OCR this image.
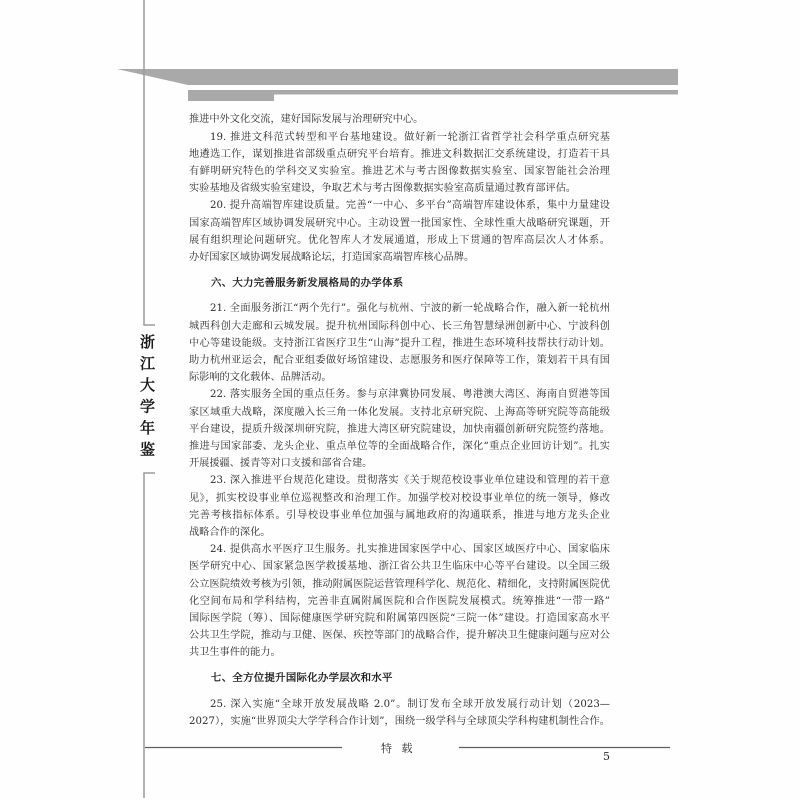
浙江大学年鉴
推进中外文化交流，建好国际发展与治理研究中心。
19. 推进文科范式转型和平台基地建设。做好新一轮浙江省哲学社会科学重点研究基
地遴选工作，谋划推进省部级重点研究平台培育。推进文科数据汇交系统建设，打造若干具
有鲜明研究特色的学科交叉实验室。推进艺术与考古图像数据实验室、国家智能社会治理
实验基地及省级实验室建设，争取艺术与考古图像数据实验室高质量通过教育部评估。
20. 提升高端智库建设质量。完善“一中心、多平台”高端智库建设体系，集中力量建设
国家高端智库区域协调发展研究中心。主动设置一批国家性、全球性重大战略研究课题，开
展有组织理论问题研究。优化智库人才发展通道，形成上下贯通的智库高层次人才体系。
办好国家区域协调发展战略论坛，打造国家高端智库核心品牌。
六、大力完善服务新发展格局的办学体系
21. 全面服务浙江“两个先行”。强化与杭州、宁波的新一轮战略合作，融入新一轮杭州
城西科创大走廊和云城发展。提升杭州国际科创中心、长三角智慧绿洲创新中心、宁波科创
中心等建设能级。支持浙江省医疗卫生“山海”提升工程，推进生态环境科技帮扶行动计划。
助力杭州亚运会，配合亚组委做好场馆建设、志愿服务和医疗保障等工作，策划若干具有国
际影响的文化载体、品牌活动。
22. 落实服务全国的重点任务。参与京津冀协同发展、粤港澳大湾区、海南自贸港等国
家区域重大战略，深度融入长三角一体化发展。支持北京研究院、上海高等研究院等高能级
平台建设，提质升级深圳研究院，推进大湾区研究院建设，加快南疆创新研究院签约落地。
推进与国家部委、龙头企业、重点单位等的全面战略合作，深化“重点企业回访计划”。扎实
开展援疆、援青等对口支援和部省合建。
23. 深入推进平台规范化建设。贯彻落实《关于规范校设事业单位建设和管理的若干意
见》，抓实校设事业单位巡视整改和治理工作。加强学校对校设事业单位的统一领导，修改
完善考核指标体系。引导校设事业单位加强与属地政府的沟通联系，推进与地方龙头企业
战略合作的深化。
24. 提供高水平医疗卫生服务。扎实推进国家医学中心、国家区域医疗中心、国家临床
医学研究中心、国家紧急医学救援基地、浙江省公共卫生临床中心等平台建设。以全国三级
公立医院绩效考核为引领，推动附属医院运营管理科学化、规范化、精细化，支持附属医院优
化空间布局和学科结构，完善非直属附属医院和合作医院发展模式。统筹推进“一带一路”
国际医学院（筹）、国际健康医学研究院和附属第四医院“三院一体”建设。打造国家高水平
公共卫生学院，推动与卫健、医保、疾控等部门的战略合作，提升解决卫生健康问题与应对公
共卫生事件的能力。
七、全方位提升国际化办学层次和水平
25. 深入实施“全球开放发展战略 2.0”。制订发布全球开放发展行动计划（2023—
2027），实施“世界顶尖大学学科合作计划”，围绕一级学科与全球顶尖学科构建机制性合作。
特 载
5
